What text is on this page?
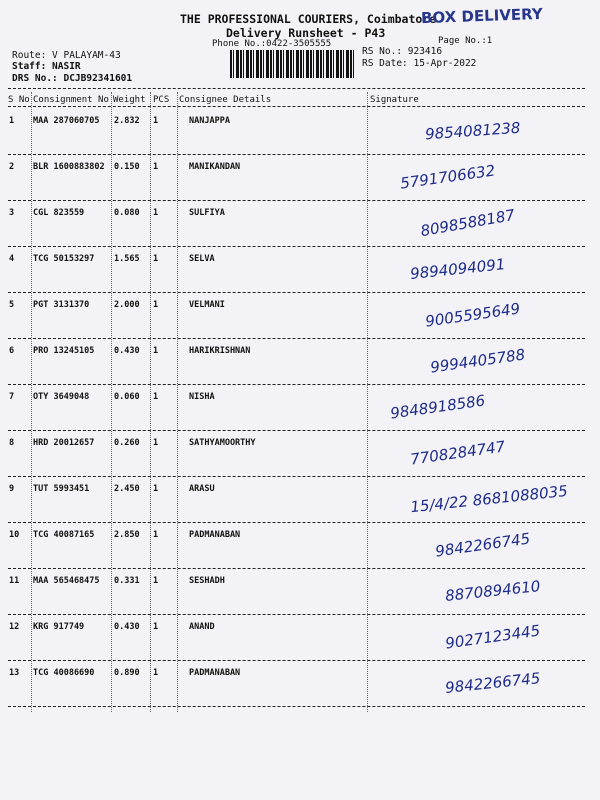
THE PROFESSIONAL COURIERS, Coimbatore
Delivery Runsheet - P43
Phone No.:0422-3505555
BOX DELIVERY
Page No.:1
Route: V PALAYAM-43
Staff: NASIR
DRS No.: DCJB92341601
RS No.: 923416
RS Date: 15-Apr-2022
S No Consignment No Weight PCS Consignee Details	Signature
1 MAA 287060705 2.832 1	NANJAPPA	9854081238
2 BLR 1600883802 0.150 1	MANIKANDAN	5791706632
3 CGL 823559	0.080 1	SULFIYA	8098588187
4 TCG 50153297 1.565 1	SELVA	9894094091
5 PGT 3131370	2.000 1	VELMANI	9005595649
6 PRO 13245105 0.430 1	HARIKRISHNAN	9994405788
7 OTY 3649048	0.060 1	NISHA	9848918586
8 HRD 20012657 0.260 1	SATHYAMOORTHY	7708284747
9 TUT 5993451	2.450 1	ARASU	15/4/22 8681088035
10 TCG 40087165 2.850 1	PADMANABAN	9842266745
11 MAA 565468475 0.331 1	SESHADH	8870894610
12 KRG 917749	0.430 1	ANAND	9027123445
13 TCG 40086690 0.890 1	PADMANABAN	9842266745
